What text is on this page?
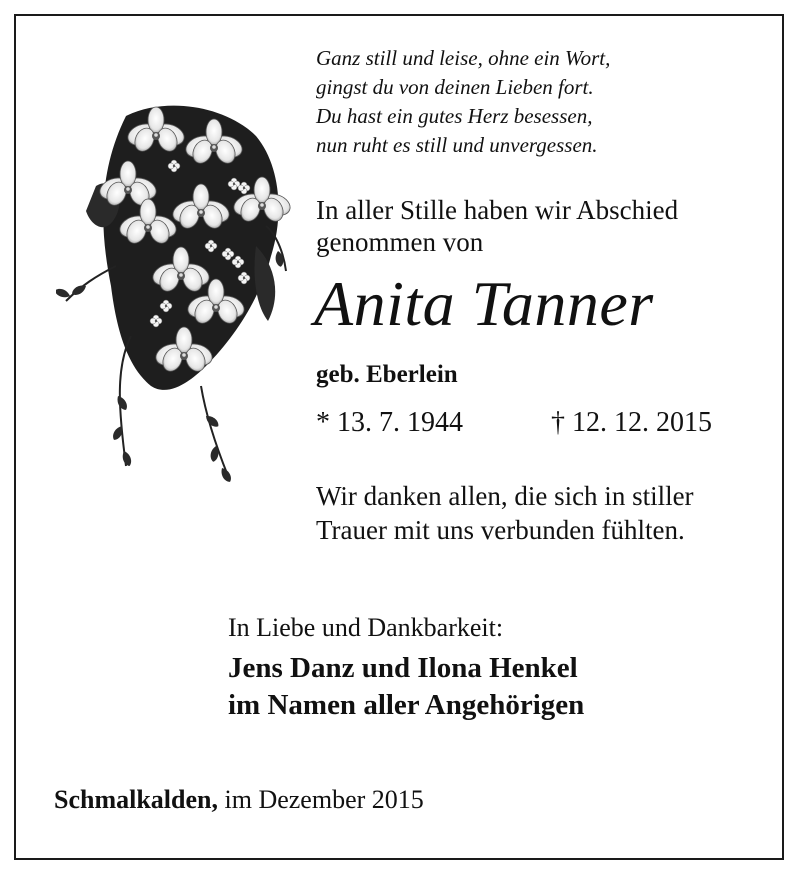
Ganz still und leise, ohne ein Wort,
gingst du von deinen Lieben fort.
Du hast ein gutes Herz besessen,
nun ruht es still und unvergessen.
In aller Stille haben wir Abschied
genommen von
Anita Tanner
geb. Eberlein
* 13. 7. 1944	† 12. 12. 2015
Wir danken allen, die sich in stiller
Trauer mit uns verbunden fühlten.
In Liebe und Dankbarkeit:
Jens Danz und Ilona Henkel
im Namen aller Angehörigen
Schmalkalden, im Dezember 2015
